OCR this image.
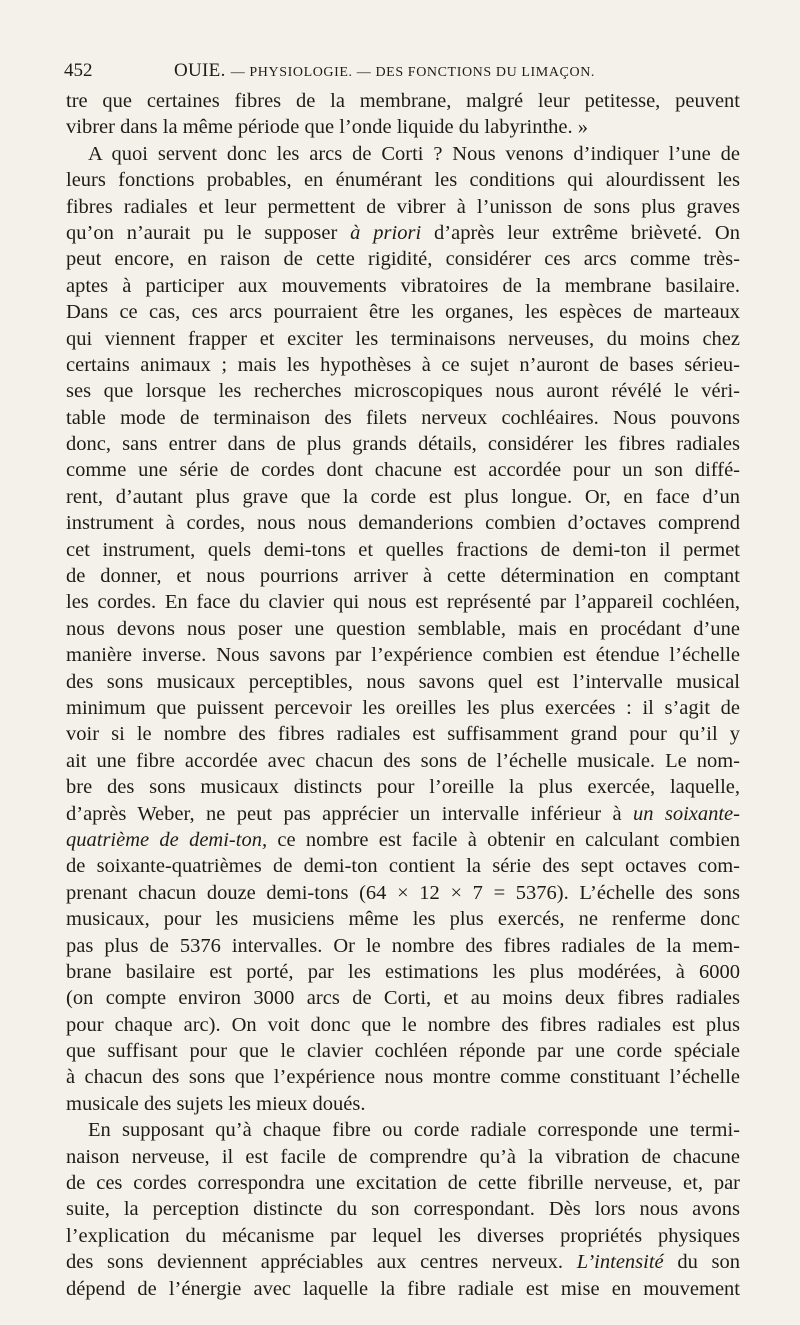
452	OUIE. — PHYSIOLOGIE. — DES FONCTIONS DU LIMAÇON.
tre que certaines fibres de la membrane, malgré leur petitesse, peuvent
vibrer dans la même période que l’onde liquide du labyrinthe. »
A quoi servent donc les arcs de Corti ? Nous venons d’indiquer l’une de
leurs fonctions probables, en énumérant les conditions qui alourdissent les
fibres radiales et leur permettent de vibrer à l’unisson de sons plus graves
qu’on n’aurait pu le supposer à priori d’après leur extrême brièveté. On
peut encore, en raison de cette rigidité, considérer ces arcs comme très-
aptes à participer aux mouvements vibratoires de la membrane basilaire.
Dans ce cas, ces arcs pourraient être les organes, les espèces de marteaux
qui viennent frapper et exciter les terminaisons nerveuses, du moins chez
certains animaux ; mais les hypothèses à ce sujet n’auront de bases sérieu-
ses que lorsque les recherches microscopiques nous auront révélé le véri-
table mode de terminaison des filets nerveux cochléaires. Nous pouvons
donc, sans entrer dans de plus grands détails, considérer les fibres radiales
comme une série de cordes dont chacune est accordée pour un son diffé-
rent, d’autant plus grave que la corde est plus longue. Or, en face d’un
instrument à cordes, nous nous demanderions combien d’octaves comprend
cet instrument, quels demi-tons et quelles fractions de demi-ton il permet
de donner, et nous pourrions arriver à cette détermination en comptant
les cordes. En face du clavier qui nous est représenté par l’appareil cochléen,
nous devons nous poser une question semblable, mais en procédant d’une
manière inverse. Nous savons par l’expérience combien est étendue l’échelle
des sons musicaux perceptibles, nous savons quel est l’intervalle musical
minimum que puissent percevoir les oreilles les plus exercées : il s’agit de
voir si le nombre des fibres radiales est suffisamment grand pour qu’il y
ait une fibre accordée avec chacun des sons de l’échelle musicale. Le nom-
bre des sons musicaux distincts pour l’oreille la plus exercée, laquelle,
d’après Weber, ne peut pas apprécier un intervalle inférieur à un soixante-
quatrième de demi-ton, ce nombre est facile à obtenir en calculant combien
de soixante-quatrièmes de demi-ton contient la série des sept octaves com-
prenant chacun douze demi-tons (64 × 12 × 7 = 5376). L’échelle des sons
musicaux, pour les musiciens même les plus exercés, ne renferme donc
pas plus de 5376 intervalles. Or le nombre des fibres radiales de la mem-
brane basilaire est porté, par les estimations les plus modérées, à 6000
(on compte environ 3000 arcs de Corti, et au moins deux fibres radiales
pour chaque arc). On voit donc que le nombre des fibres radiales est plus
que suffisant pour que le clavier cochléen réponde par une corde spéciale
à chacun des sons que l’expérience nous montre comme constituant l’échelle
musicale des sujets les mieux doués.
En supposant qu’à chaque fibre ou corde radiale corresponde une termi-
naison nerveuse, il est facile de comprendre qu’à la vibration de chacune
de ces cordes correspondra une excitation de cette fibrille nerveuse, et, par
suite, la perception distincte du son correspondant. Dès lors nous avons
l’explication du mécanisme par lequel les diverses propriétés physiques
des sons deviennent appréciables aux centres nerveux. L’intensité du son
dépend de l’énergie avec laquelle la fibre radiale est mise en mouvement
